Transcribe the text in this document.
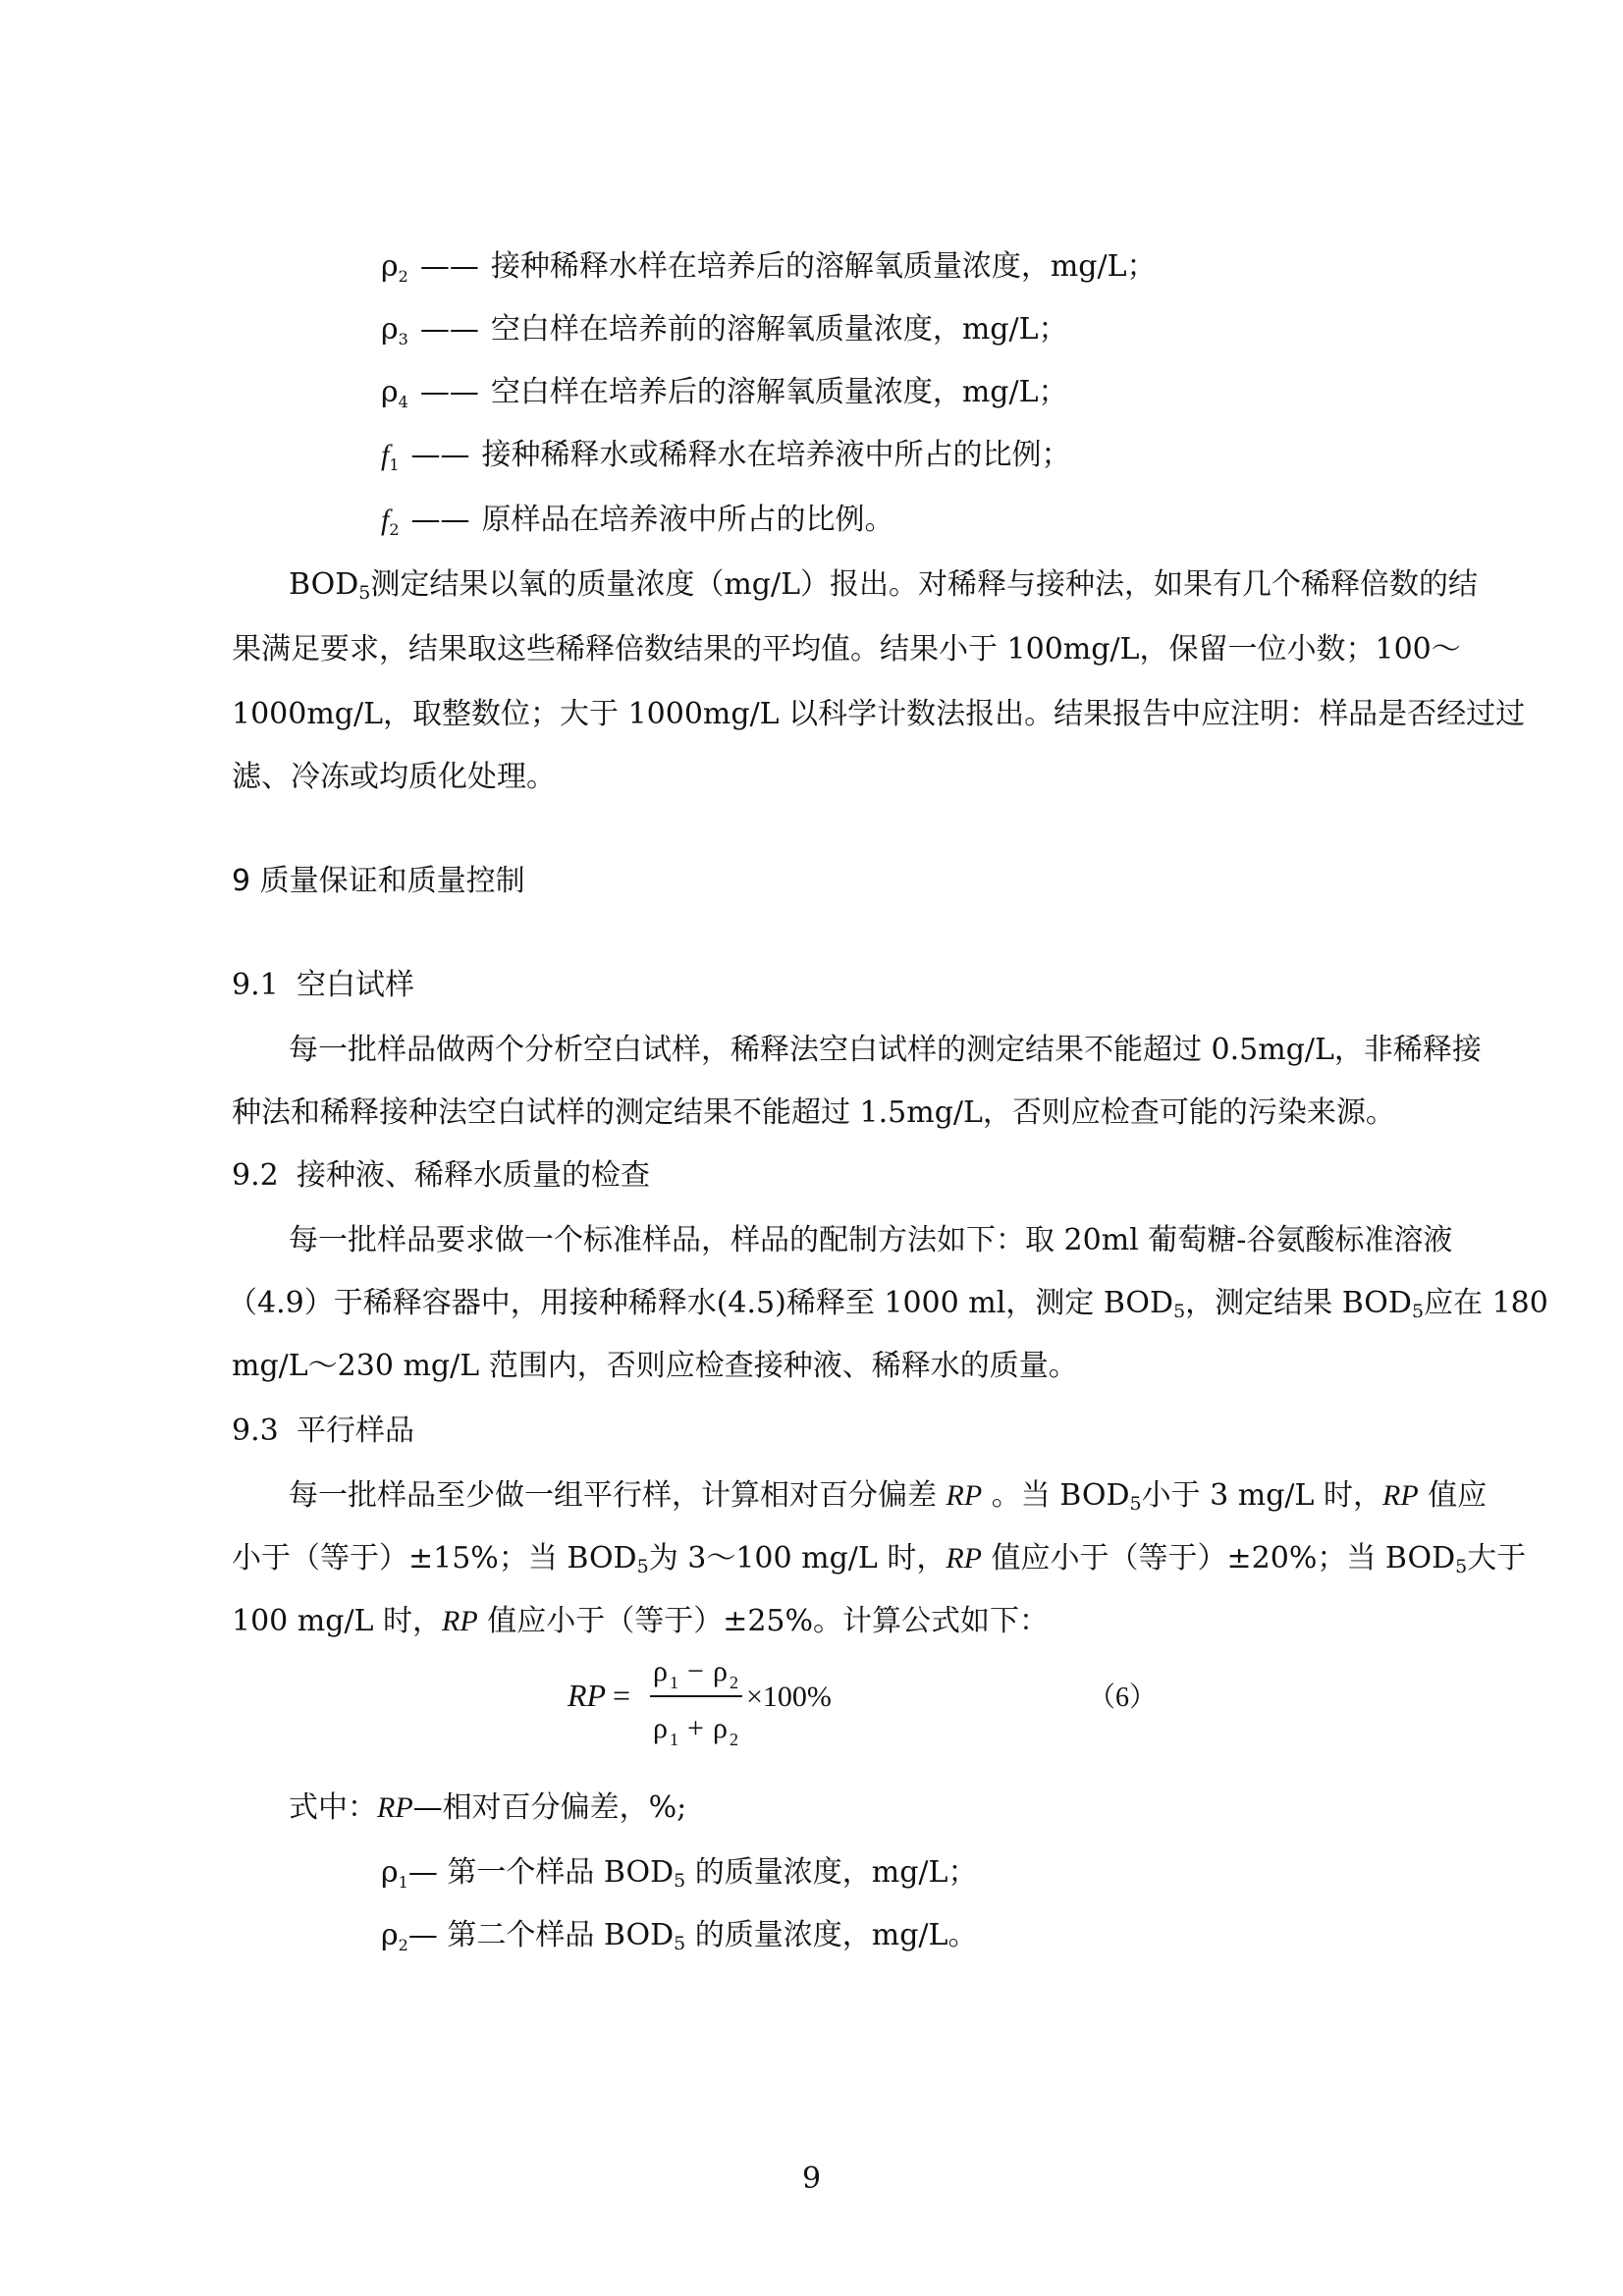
$\rho_2$ —— 接种稀释水样在培养后的溶解氧质量浓度，mg/L；
$\rho_3$ —— 空白样在培养前的溶解氧质量浓度，mg/L；
$\rho_4$ —— 空白样在培养后的溶解氧质量浓度，mg/L；
$f_1$ —— 接种稀释水或稀释水在培养液中所占的比例；
$f_2$ —— 原样品在培养液中所占的比例。
$BOD_5$测定结果以氧的质量浓度（mg/L）报出。对稀释与接种法，如果有几个稀释倍数的结
果满足要求，结果取这些稀释倍数结果的平均值。结果小于 100mg/L，保留一位小数；100～
1000mg/L，取整数位；大于 1000mg/L 以科学计数法报出。结果报告中应注明：样品是否经过过
滤、冷冻或均质化处理。
9 质量保证和质量控制
9.1 空白试样
每一批样品做两个分析空白试样，稀释法空白试样的测定结果不能超过 0.5mg/L，非稀释接
种法和稀释接种法空白试样的测定结果不能超过 1.5mg/L，否则应检查可能的污染来源。
9.2 接种液、稀释水质量的检查
每一批样品要求做一个标准样品，样品的配制方法如下：取 20ml 葡萄糖-谷氨酸标准溶液
（4.9）于稀释容器中，用接种稀释水(4.5)稀释至 1000 ml，测定 $BOD_5$，测定结果 $BOD_5$应在 180
mg/L～230 mg/L 范围内，否则应检查接种液、稀释水的质量。
9.3 平行样品
每一批样品至少做一组平行样，计算相对百分偏差 RP 。当 $BOD_5$小于 3 mg/L 时，RP 值应
小于（等于）±15%；当 $BOD_5$为 3～100 mg/L 时，RP 值应小于（等于）±20%；当 $BOD_5$大于
100 mg/L 时，RP 值应小于（等于）±25%。计算公式如下：
RP =
ρ 1 − ρ 2
ρ 1 + ρ 2
×100%	（6）
式中：RP—相对百分偏差，%;
$\rho_1—$ 第一个样品 $BOD_5$ 的质量浓度，mg/L；
$\rho_2—$ 第二个样品 $BOD_5$ 的质量浓度，mg/L。
9
